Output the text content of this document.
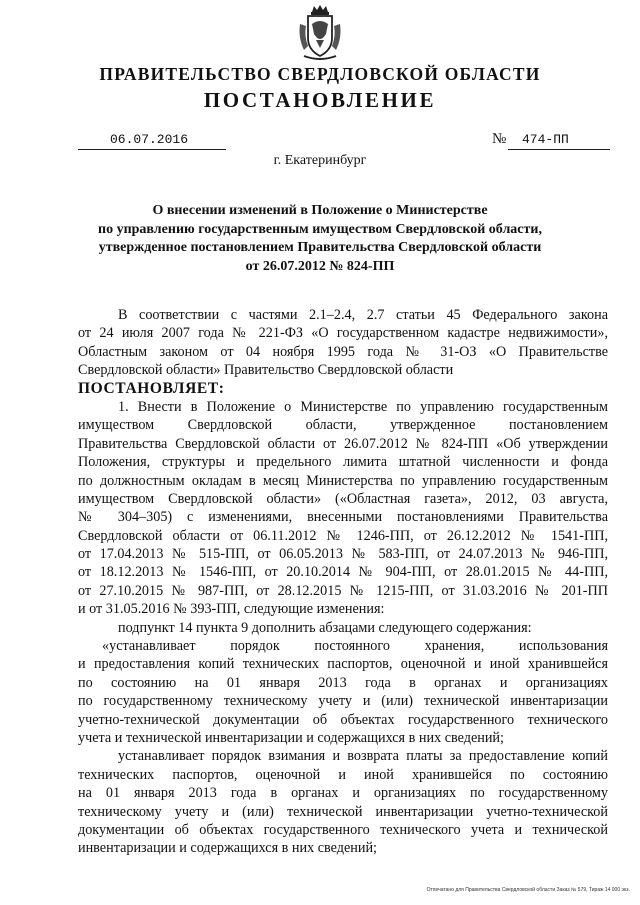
ПРАВИТЕЛЬСТВО СВЕРДЛОВСКОЙ ОБЛАСТИ
ПОСТАНОВЛЕНИЕ
06.07.2016	№ 474-ПП
г. Екатеринбург
О внесении изменений в Положение о Министерстве
по управлению государственным имуществом Свердловской области,
утвержденное постановлением Правительства Свердловской области
от 26.07.2012 № 824-ПП
В соответствии с частями 2.1–2.4, 2.7 статьи 45 Федерального закона
от 24 июля 2007 года № 221-ФЗ «О государственном кадастре недвижимости»,
Областным законом от 04 ноября 1995 года № 31-ОЗ «О Правительстве
Свердловской области» Правительство Свердловской области
ПОСТАНОВЛЯЕТ:
1. Внести в Положение о Министерстве по управлению государственным
имуществом Свердловской области, утвержденное постановлением
Правительства Свердловской области от 26.07.2012 № 824-ПП «Об утверждении
Положения, структуры и предельного лимита штатной численности и фонда
по должностным окладам в месяц Министерства по управлению государственным
имуществом Свердловской области» («Областная газета», 2012, 03 августа,
№ 304–305) с изменениями, внесенными постановлениями Правительства
Свердловской области от 06.11.2012 № 1246-ПП, от 26.12.2012 № 1541-ПП,
от 17.04.2013 № 515-ПП, от 06.05.2013 № 583-ПП, от 24.07.2013 № 946-ПП,
от 18.12.2013 № 1546-ПП, от 20.10.2014 № 904-ПП, от 28.01.2015 № 44-ПП,
от 27.10.2015 № 987-ПП, от 28.12.2015 № 1215-ПП, от 31.03.2016 № 201-ПП
и от 31.05.2016 № 393-ПП, следующие изменения:
подпункт 14 пункта 9 дополнить абзацами следующего содержания:
«устанавливает порядок постоянного хранения, использования
и предоставления копий технических паспортов, оценочной и иной хранившейся
по состоянию на 01 января 2013 года в органах и организациях
по государственному техническому учету и (или) технической инвентаризации
учетно-технической документации об объектах государственного технического
учета и технической инвентаризации и содержащихся в них сведений;
устанавливает порядок взимания и возврата платы за предоставление копий
технических паспортов, оценочной и иной хранившейся по состоянию
на 01 января 2013 года в органах и организациях по государственному
техническому учету и (или) технической инвентаризации учетно-технической
документации об объектах государственного технического учета и технической
инвентаризации и содержащихся в них сведений;
Отпечатано для Правительства Свердловской области Заказ № 579, Тираж 14 000 экз.
